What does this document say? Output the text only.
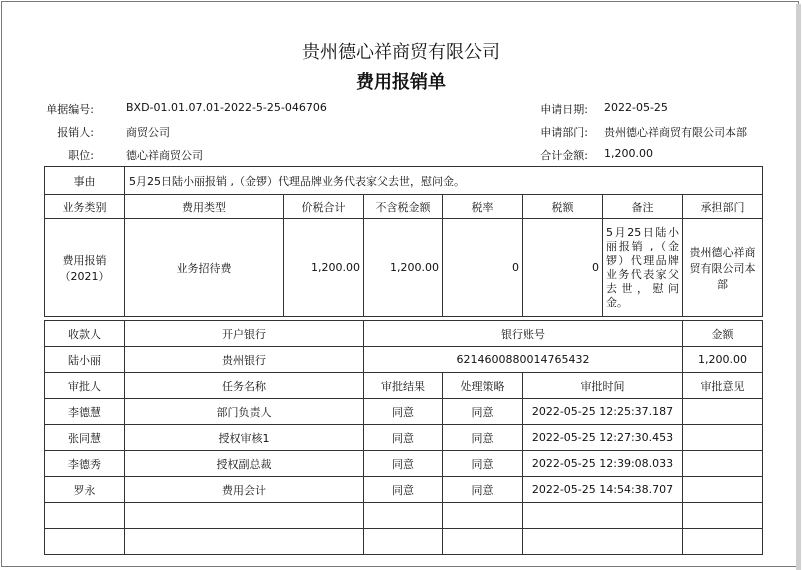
贵州德心祥商贸有限公司
费用报销单
单据编号:	BXD-01.01.07.01-2022-5-25-046706	申请日期: 2022-05-25
报销人:	商贸公司	申请部门: 贵州德心祥商贸有限公司本部
职位:	德心祥商贸公司	合计金额: 1,200.00
事由	5月25日陆小丽报销 ,（金锣）代理品牌业务代表家父去世，慰问金。						
业务类别	费用类型	价税合计	不含税金额	税率	税额	备注	承担部门
费用报销（2021）	业务招待费	1,200.00	1,200.00	0	0	5月25日陆小丽报销 ,（金锣）代理品牌业务代表家父去世，慰问金。	贵州德心祥商贸有限公司本部
收款人	开户银行	银行账号			金额
陆小丽	贵州银行	6214600880014765432			1,200.00
审批人	任务名称	审批结果	处理策略	审批时间	审批意见
李德慧	部门负责人	同意	同意	2022-05-25 12:25:37.187	
张同慧	授权审核1	同意	同意	2022-05-25 12:27:30.453	
李德秀	授权副总裁	同意	同意	2022-05-25 12:39:08.033	
罗永	费用会计	同意	同意	2022-05-25 14:54:38.707	
